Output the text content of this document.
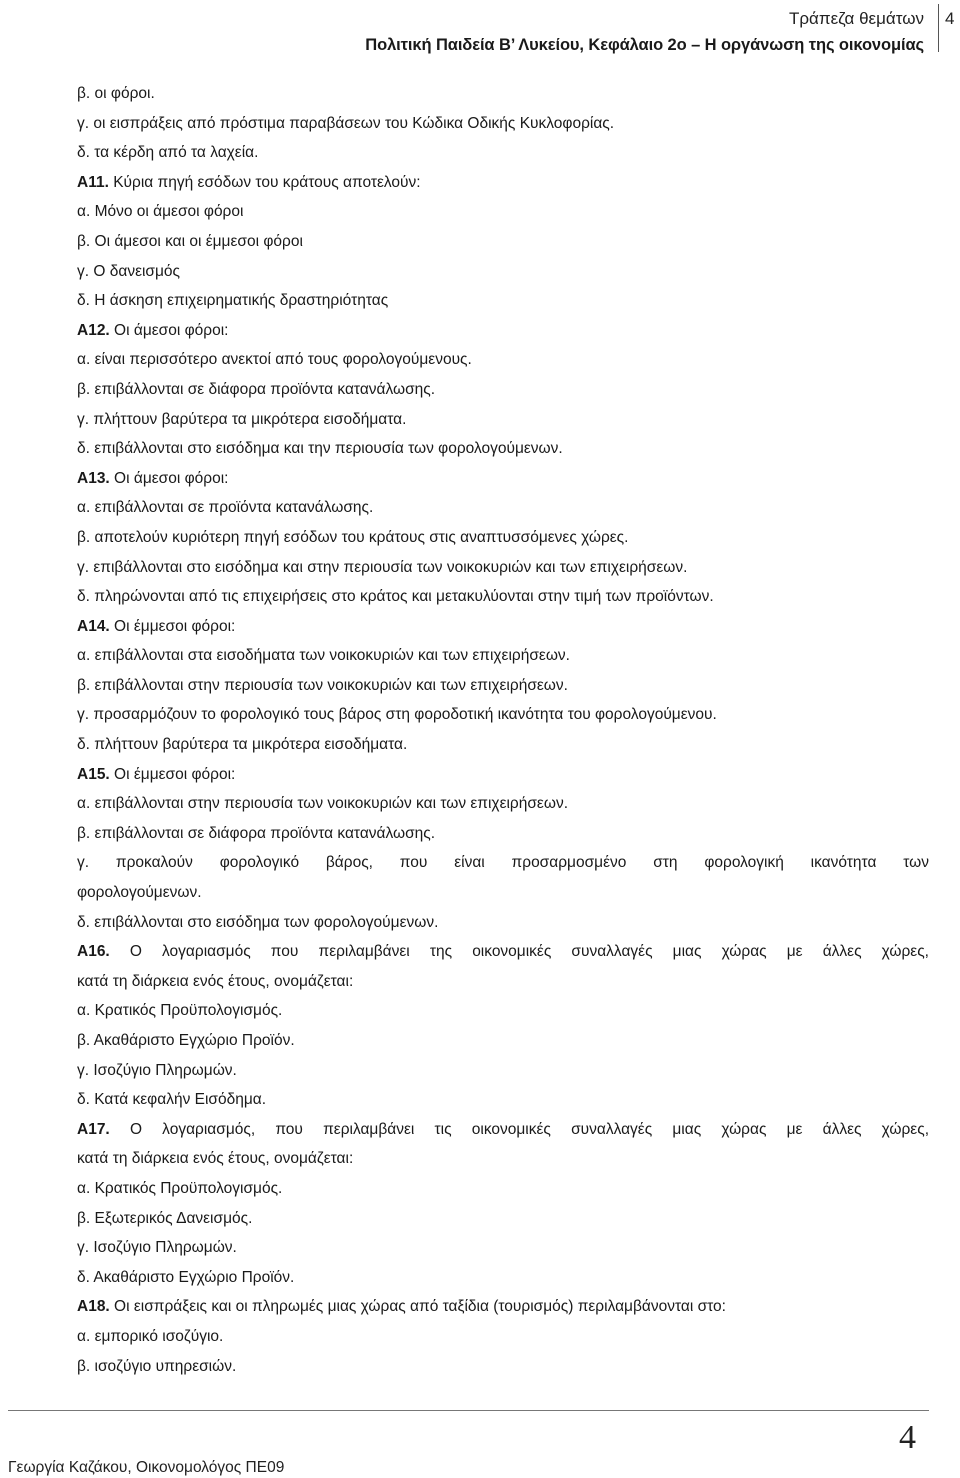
Τράπεζα θεμάτων
Πολιτική Παιδεία Β’ Λυκείου, Κεφάλαιο 2ο – Η οργάνωση της οικονομίας
4
β. οι φόροι.
γ. οι εισπράξεις από πρόστιμα παραβάσεων του Κώδικα Οδικής Κυκλοφορίας.
δ. τα κέρδη από τα λαχεία.
Α11. Κύρια πηγή εσόδων του κράτους αποτελούν:
α. Μόνο οι άμεσοι φόροι
β. Οι άμεσοι και οι έμμεσοι φόροι
γ. Ο δανεισμός
δ. Η άσκηση επιχειρηματικής δραστηριότητας
Α12. Οι άμεσοι φόροι:
α. είναι περισσότερο ανεκτοί από τους φορολογούμενους.
β. επιβάλλονται σε διάφορα προϊόντα κατανάλωσης.
γ. πλήττουν βαρύτερα τα μικρότερα εισοδήματα.
δ. επιβάλλονται στο εισόδημα και την περιουσία των φορολογούμενων.
Α13. Οι άμεσοι φόροι:
α. επιβάλλονται σε προϊόντα κατανάλωσης.
β. αποτελούν κυριότερη πηγή εσόδων του κράτους στις αναπτυσσόμενες χώρες.
γ. επιβάλλονται στο εισόδημα και στην περιουσία των νοικοκυριών και των επιχειρήσεων.
δ. πληρώνονται από τις επιχειρήσεις στο κράτος και μετακυλύονται στην τιμή των προϊόντων.
Α14. Οι έμμεσοι φόροι:
α. επιβάλλονται στα εισοδήματα των νοικοκυριών και των επιχειρήσεων.
β. επιβάλλονται στην περιουσία των νοικοκυριών και των επιχειρήσεων.
γ. προσαρμόζουν το φορολογικό τους βάρος στη φοροδοτική ικανότητα του φορολογούμενου.
δ. πλήττουν βαρύτερα τα μικρότερα εισοδήματα.
Α15. Οι έμμεσοι φόροι:
α. επιβάλλονται στην περιουσία των νοικοκυριών και των επιχειρήσεων.
β. επιβάλλονται σε διάφορα προϊόντα κατανάλωσης.
γ. προκαλούν φορολογικό βάρος, που είναι προσαρμοσμένο στη φορολογική ικανότητα των
φορολογούμενων.
δ. επιβάλλονται στο εισόδημα των φορολογούμενων.
Α16. Ο λογαριασμός που περιλαμβάνει της οικονομικές συναλλαγές μιας χώρας με άλλες χώρες,
κατά τη διάρκεια ενός έτους, ονομάζεται:
α. Κρατικός Προϋπολογισμός.
β. Ακαθάριστο Εγχώριο Προϊόν.
γ. Ισοζύγιο Πληρωμών.
δ. Κατά κεφαλήν Εισόδημα.
Α17. Ο λογαριασμός, που περιλαμβάνει τις οικονομικές συναλλαγές μιας χώρας με άλλες χώρες,
κατά τη διάρκεια ενός έτους, ονομάζεται:
α. Κρατικός Προϋπολογισμός.
β. Εξωτερικός Δανεισμός.
γ. Ισοζύγιο Πληρωμών.
δ. Ακαθάριστο Εγχώριο Προϊόν.
Α18. Οι εισπράξεις και οι πληρωμές μιας χώρας από ταξίδια (τουρισμός) περιλαμβάνονται στο:
α. εμπορικό ισοζύγιο.
β. ισοζύγιο υπηρεσιών.
4
Γεωργία Καζάκου, Οικονομολόγος ΠΕ09
